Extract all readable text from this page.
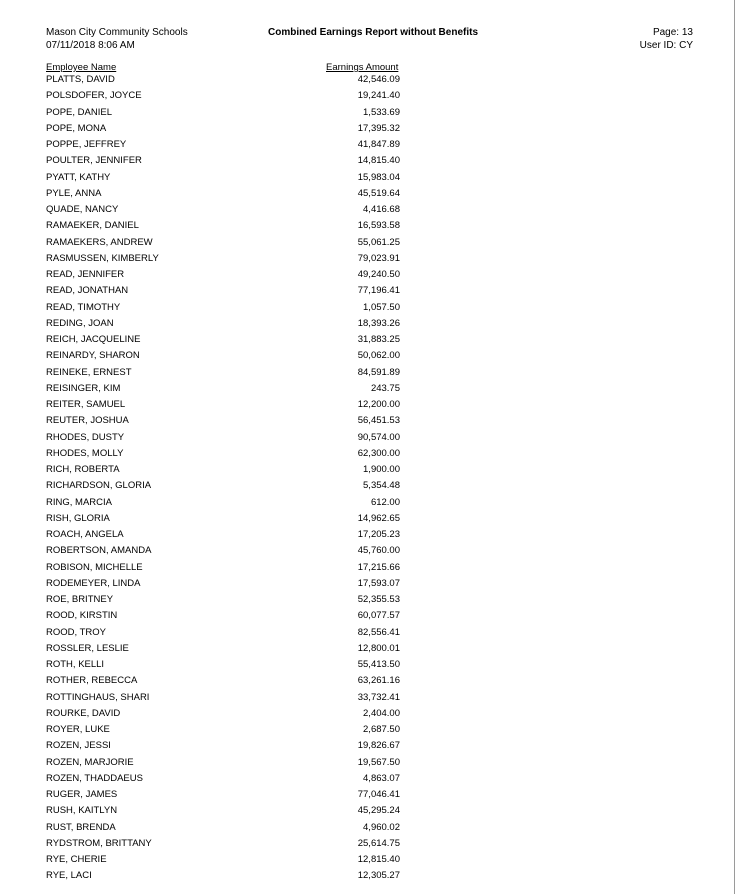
Mason City Community Schools
07/11/2018 8:06 AM
Combined Earnings Report without Benefits	Page: 13
User ID: CY
Employee Name	Earnings Amount
PLATTS, DAVID	42,546.09
POLSDOFER, JOYCE	19,241.40
POPE, DANIEL	1,533.69
POPE, MONA	17,395.32
POPPE, JEFFREY	41,847.89
POULTER, JENNIFER	14,815.40
PYATT, KATHY	15,983.04
PYLE, ANNA	45,519.64
QUADE, NANCY	4,416.68
RAMAEKER, DANIEL	16,593.58
RAMAEKERS, ANDREW	55,061.25
RASMUSSEN, KIMBERLY	79,023.91
READ, JENNIFER	49,240.50
READ, JONATHAN	77,196.41
READ, TIMOTHY	1,057.50
REDING, JOAN	18,393.26
REICH, JACQUELINE	31,883.25
REINARDY, SHARON	50,062.00
REINEKE, ERNEST	84,591.89
REISINGER, KIM	243.75
REITER, SAMUEL	12,200.00
REUTER, JOSHUA	56,451.53
RHODES, DUSTY	90,574.00
RHODES, MOLLY	62,300.00
RICH, ROBERTA	1,900.00
RICHARDSON, GLORIA	5,354.48
RING, MARCIA	612.00
RISH, GLORIA	14,962.65
ROACH, ANGELA	17,205.23
ROBERTSON, AMANDA	45,760.00
ROBISON, MICHELLE	17,215.66
RODEMEYER, LINDA	17,593.07
ROE, BRITNEY	52,355.53
ROOD, KIRSTIN	60,077.57
ROOD, TROY	82,556.41
ROSSLER, LESLIE	12,800.01
ROTH, KELLI	55,413.50
ROTHER, REBECCA	63,261.16
ROTTINGHAUS, SHARI	33,732.41
ROURKE, DAVID	2,404.00
ROYER, LUKE	2,687.50
ROZEN, JESSI	19,826.67
ROZEN, MARJORIE	19,567.50
ROZEN, THADDAEUS	4,863.07
RUGER, JAMES	77,046.41
RUSH, KAITLYN	45,295.24
RUST, BRENDA	4,960.02
RYDSTROM, BRITTANY	25,614.75
RYE, CHERIE	12,815.40
RYE, LACI	12,305.27
